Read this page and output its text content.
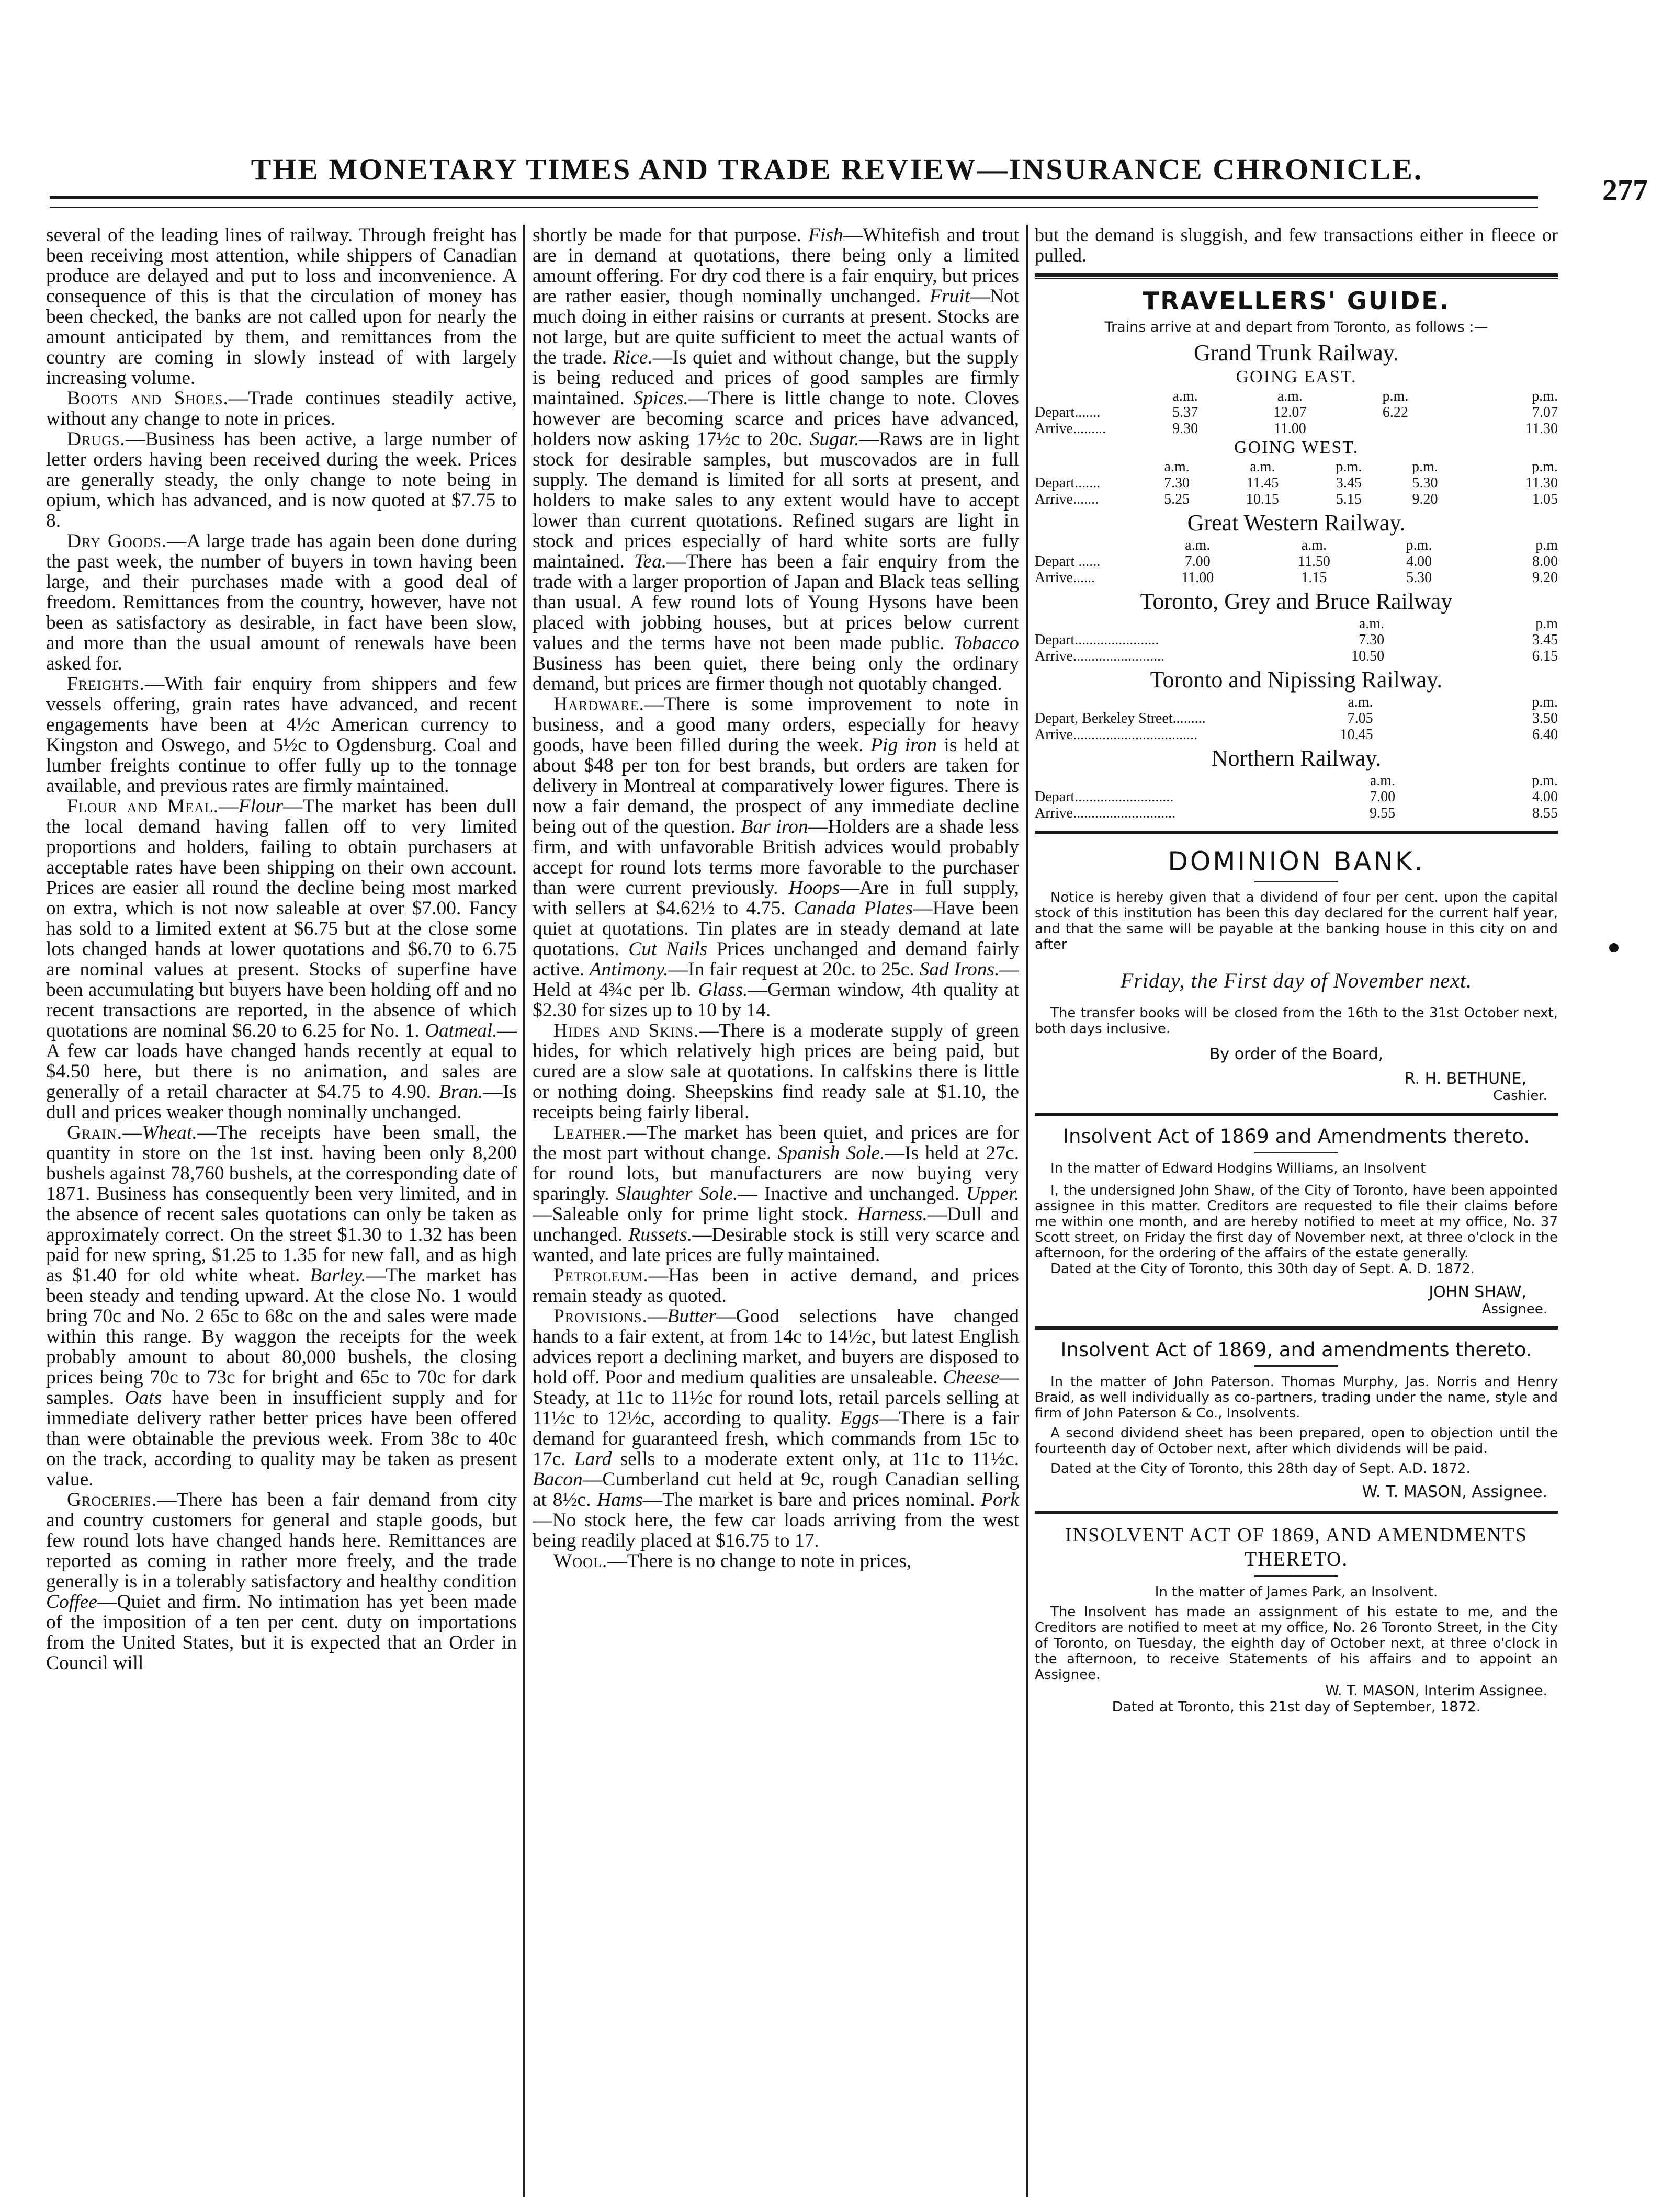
THE MONETARY TIMES AND TRADE REVIEW—INSURANCE CHRONICLE.
277

several of the leading lines of railway. Through freight has been receiving most attention, while shippers of Canadian produce are delayed and put to loss and inconvenience. A consequence of this is that the circulation of money has been checked, the banks are not called upon for nearly the amount anticipated by them, and remittances from the country are coming in slowly instead of with largely increasing volume.

Boots and Shoes.—Trade continues steadily active, without any change to note in prices.

Drugs.—Business has been active, a large number of letter orders having been received during the week. Prices are generally steady, the only change to note being in opium, which has advanced, and is now quoted at $7.75 to 8.

Dry Goods.—A large trade has again been done during the past week, the number of buyers in town having been large, and their purchases made with a good deal of freedom. Remittances from the country, however, have not been as satisfactory as desirable, in fact have been slow, and more than the usual amount of renewals have been asked for.

Freights.—With fair enquiry from shippers and few vessels offering, grain rates have advanced, and recent engagements have been at 4½c American currency to Kingston and Oswego, and 5½c to Ogdensburg. Coal and lumber freights continue to offer fully up to the tonnage available, and previous rates are firmly maintained.

Flour and Meal.—Flour—The market has been dull the local demand having fallen off to very limited proportions and holders, failing to obtain purchasers at acceptable rates have been shipping on their own account. Prices are easier all round the decline being most marked on extra, which is not now saleable at over $7.00. Fancy has sold to a limited extent at $6.75 but at the close some lots changed hands at lower quotations and $6.70 to 6.75 are nominal values at present. Stocks of superfine have been accumulating but buyers have been holding off and no recent transactions are reported, in the absence of which quotations are nominal $6.20 to 6.25 for No. 1. Oatmeal.—A few car loads have changed hands recently at equal to $4.50 here, but there is no animation, and sales are generally of a retail character at $4.75 to 4.90. Bran.—Is dull and prices weaker though nominally unchanged.

Grain.—Wheat.—The receipts have been small, the quantity in store on the 1st inst. having been only 8,200 bushels against 78,760 bushels, at the corresponding date of 1871. Business has consequently been very limited, and in the absence of recent sales quotations can only be taken as approximately correct. On the street $1.30 to 1.32 has been paid for new spring, $1.25 to 1.35 for new fall, and as high as $1.40 for old white wheat. Barley.—The market has been steady and tending upward. At the close No. 1 would bring 70c and No. 2 65c to 68c on the and sales were made within this range. By waggon the receipts for the week probably amount to about 80,000 bushels, the closing prices being 70c to 73c for bright and 65c to 70c for dark samples. Oats have been in insufficient supply and for immediate delivery rather better prices have been offered than were obtainable the previous week. From 38c to 40c on the track, according to quality may be taken as present value.

Groceries.—There has been a fair demand from city and country customers for general and staple goods, but few round lots have changed hands here. Remittances are reported as coming in rather more freely, and the trade generally is in a tolerably satisfactory and healthy condition Coffee—Quiet and firm. No intimation has yet been made of the imposition of a ten per cent. duty on importations from the United States, but it is expected that an Order in Council will

shortly be made for that purpose. Fish—Whitefish and trout are in demand at quotations, there being only a limited amount offering. For dry cod there is a fair enquiry, but prices are rather easier, though nominally unchanged. Fruit—Not much doing in either raisins or currants at present. Stocks are not large, but are quite sufficient to meet the actual wants of the trade. Rice.—Is quiet and without change, but the supply is being reduced and prices of good samples are firmly maintained. Spices.—There is little change to note. Cloves however are becoming scarce and prices have advanced, holders now asking 17½c to 20c. Sugar.—Raws are in light stock for desirable samples, but muscovados are in full supply. The demand is limited for all sorts at present, and holders to make sales to any extent would have to accept lower than current quotations. Refined sugars are light in stock and prices especially of hard white sorts are fully maintained. Tea.—There has been a fair enquiry from the trade with a larger proportion of Japan and Black teas selling than usual. A few round lots of Young Hysons have been placed with jobbing houses, but at prices below current values and the terms have not been made public. Tobacco Business has been quiet, there being only the ordinary demand, but prices are firmer though not quotably changed.

Hardware.—There is some improvement to note in business, and a good many orders, especially for heavy goods, have been filled during the week. Pig iron is held at about $48 per ton for best brands, but orders are taken for delivery in Montreal at comparatively lower figures. There is now a fair demand, the prospect of any immediate decline being out of the question. Bar iron—Holders are a shade less firm, and with unfavorable British advices would probably accept for round lots terms more favorable to the purchaser than were current previously. Hoops—Are in full supply, with sellers at $4.62½ to 4.75. Canada Plates—Have been quiet at quotations. Tin plates are in steady demand at late quotations. Cut Nails Prices unchanged and demand fairly active. Antimony.—In fair request at 20c. to 25c. Sad Irons.—Held at 4¾c per lb. Glass.—German window, 4th quality at $2.30 for sizes up to 10 by 14.

Hides and Skins.—There is a moderate supply of green hides, for which relatively high prices are being paid, but cured are a slow sale at quotations. In calfskins there is little or nothing doing. Sheepskins find ready sale at $1.10, the receipts being fairly liberal.

Leather.—The market has been quiet, and prices are for the most part without change. Spanish Sole.—Is held at 27c. for round lots, but manufacturers are now buying very sparingly. Slaughter Sole.— Inactive and unchanged. Upper.—Saleable only for prime light stock. Harness.—Dull and unchanged. Russets.—Desirable stock is still very scarce and wanted, and late prices are fully maintained.

Petroleum.—Has been in active demand, and prices remain steady as quoted.

Provisions.—Butter—Good selections have changed hands to a fair extent, at from 14c to 14½c, but latest English advices report a declining market, and buyers are disposed to hold off. Poor and medium qualities are unsaleable. Cheese—Steady, at 11c to 11½c for round lots, retail parcels selling at 11½c to 12½c, according to quality. Eggs—There is a fair demand for guaranteed fresh, which commands from 15c to 17c. Lard sells to a moderate extent only, at 11c to 11½c. Bacon—Cumberland cut held at 9c, rough Canadian selling at 8½c. Hams—The market is bare and prices nominal. Pork —No stock here, the few car loads arriving from the west being readily placed at $16.75 to 17.

Wool.—There is no change to note in prices,

but the demand is sluggish, and few transactions either in fleece or pulled.
TRAVELLERS' GUIDE.
Trains arrive at and depart from Toronto, as follows :—
Grand Trunk Railway.
GOING EAST.
	a.m.	a.m.	p.m.	p.m.
Depart.......	5.37	12.07	6.22	7.07
Arrive.........	9.30	11.00		11.30
GOING WEST.
	a.m.	a.m.	p.m.	p.m.	p.m.
Depart.......	7.30	11.45	3.45	5.30	11.30
Arrive.......	5.25	10.15	5.15	9.20	1.05
Great Western Railway.
	a.m.	a.m.	p.m.	p.m
Depart ......	7.00	11.50	4.00	8.00
Arrive......	11.00	1.15	5.30	9.20
Toronto, Grey and Bruce Railway
	a.m.	p.m
Depart.......................	7.30	3.45
Arrive.........................	10.50	6.15
Toronto and Nipissing Railway.
	a.m.	p.m.
Depart, Berkeley Street.........	7.05	3.50
Arrive..................................	10.45	6.40
Northern Railway.
	a.m.	p.m.
Depart...........................	7.00	4.00
Arrive............................	9.55	8.55
DOMINION BANK.

Notice is hereby given that a dividend of four per cent. upon the capital stock of this institution has been this day declared for the current half year, and that the same will be payable at the banking house in this city on and after

Friday, the First day of November next.

The transfer books will be closed from the 16th to the 31st October next, both days inclusive.

By order of the Board,
R. H. BETHUNE,
Cashier.
Insolvent Act of 1869 and Amendments thereto.

In the matter of Edward Hodgins Williams, an Insolvent

I, the undersigned John Shaw, of the City of Toronto, have been appointed assignee in this matter. Creditors are requested to file their claims before me within one month, and are hereby notified to meet at my office, No. 37 Scott street, on Friday the first day of November next, at three o'clock in the afternoon, for the ordering of the affairs of the estate generally.

Dated at the City of Toronto, this 30th day of Sept. A. D. 1872.

JOHN SHAW,
Assignee.
Insolvent Act of 1869, and amendments thereto.

In the matter of John Paterson. Thomas Murphy, Jas. Norris and Henry Braid, as well individually as co-partners, trading under the name, style and firm of John Paterson & Co., Insolvents.

A second dividend sheet has been prepared, open to objection until the fourteenth day of October next, after which dividends will be paid.

Dated at the City of Toronto, this 28th day of Sept. A.D. 1872.

W. T. MASON, Assignee.
INSOLVENT ACT OF 1869, AND AMENDMENTS THERETO.

In the matter of James Park, an Insolvent.

The Insolvent has made an assignment of his estate to me, and the Creditors are notified to meet at my office, No. 26 Toronto Street, in the City of Toronto, on Tuesday, the eighth day of October next, at three o'clock in the afternoon, to receive Statements of his affairs and to appoint an Assignee.

W. T. MASON, Interim Assignee.
Dated at Toronto, this 21st day of September, 1872.
